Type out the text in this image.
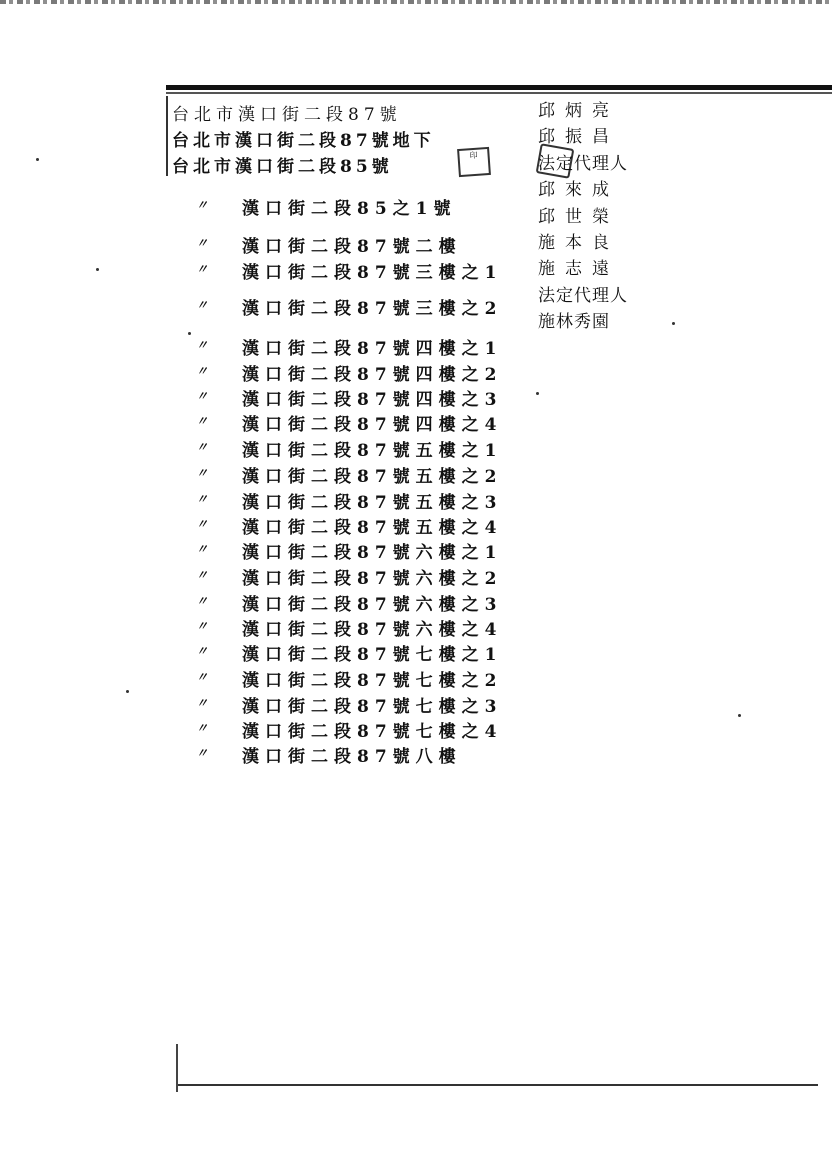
台北市漢口街二段87號
台北市漢口街二段87號地下
台北市漢口街二段85號
印
〃 漢口街二段85之1號
〃 漢口街二段87號二樓
〃 漢口街二段87號三樓之1
〃 漢口街二段87號三樓之2
〃 漢口街二段87號四樓之1
〃 漢口街二段87號四樓之2
〃 漢口街二段87號四樓之3
〃 漢口街二段87號四樓之4
〃 漢口街二段87號五樓之1
〃 漢口街二段87號五樓之2
〃 漢口街二段87號五樓之3
〃 漢口街二段87號五樓之4
〃 漢口街二段87號六樓之1
〃 漢口街二段87號六樓之2
〃 漢口街二段87號六樓之3
〃 漢口街二段87號六樓之4
〃 漢口街二段87號七樓之1
〃 漢口街二段87號七樓之2
〃 漢口街二段87號七樓之3
〃 漢口街二段87號七樓之4
〃 漢口街二段87號八樓
邱炳亮
邱振昌
法定代理人
邱來成
邱世榮
施本良
施志遠
法定代理人
施林秀園
